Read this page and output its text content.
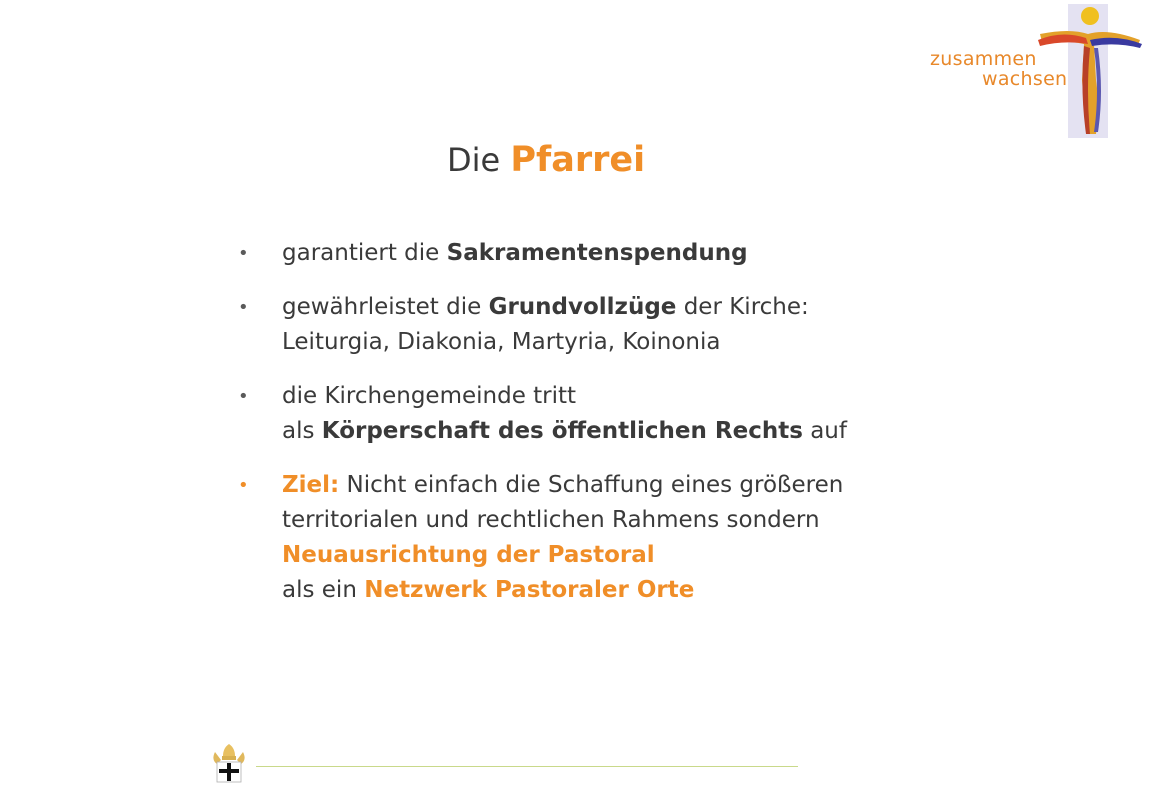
zusammen
wachsen
Die Pfarrei
• garantiert die Sakramentenspendung
• gewährleistet die Grundvollzüge der Kirche:
Leiturgia, Diakonia, Martyria, Koinonia
• die Kirchengemeinde tritt
als Körperschaft des öffentlichen Rechts auf
• Ziel: Nicht einfach die Schaffung eines größeren
territorialen und rechtlichen Rahmens sondern
Neuausrichtung der Pastoral
als ein Netzwerk Pastoraler Orte
